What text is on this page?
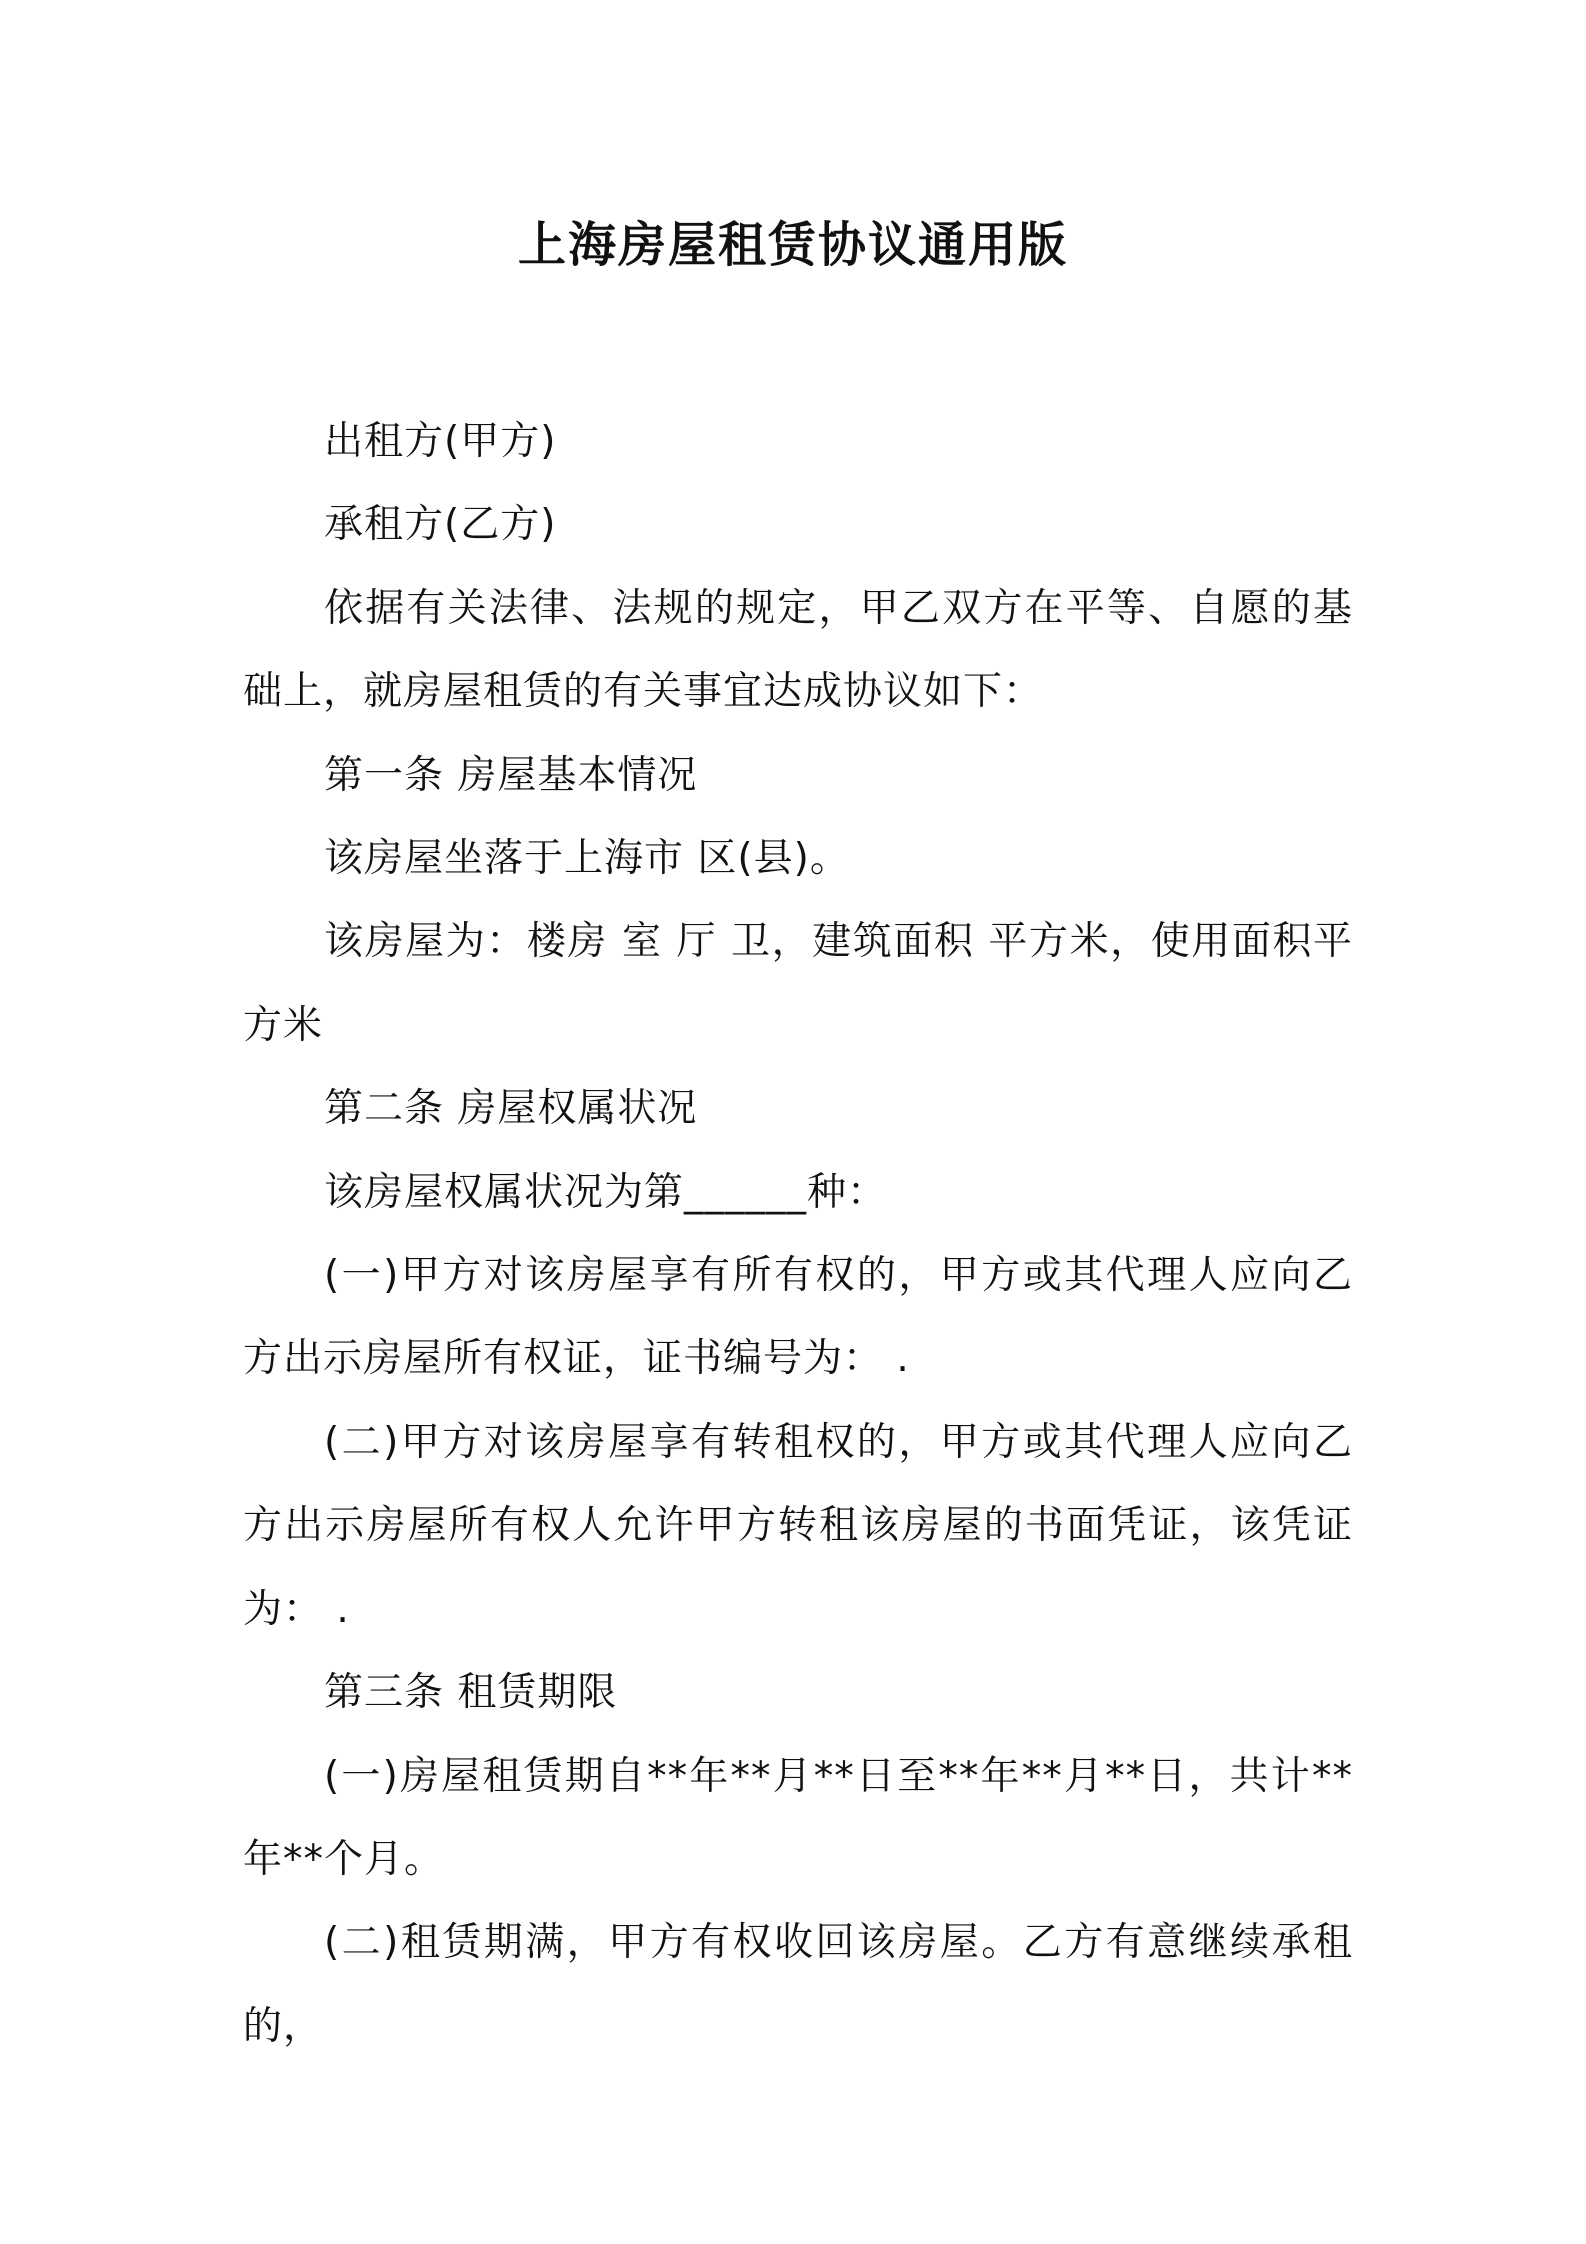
上海房屋租赁协议通用版

出租方(甲方)

承租方(乙方)

依据有关法律、法规的规定，甲乙双方在平等、自愿的基础上，就房屋租赁的有关事宜达成协议如下：

第一条 房屋基本情况

该房屋坐落于上海市 区(县)。

该房屋为：楼房 室 厅 卫，建筑面积 平方米，使用面积平方米

第二条 房屋权属状况

该房屋权属状况为第______种：

(一)甲方对该房屋享有所有权的，甲方或其代理人应向乙方出示房屋所有权证，证书编号为： .

(二)甲方对该房屋享有转租权的，甲方或其代理人应向乙方出示房屋所有权人允许甲方转租该房屋的书面凭证，该凭证为： .

第三条 租赁期限

(一)房屋租赁期自**年**月**日至**年**月**日，共计**年**个月。

(二)租赁期满，甲方有权收回该房屋。乙方有意继续承租的，
